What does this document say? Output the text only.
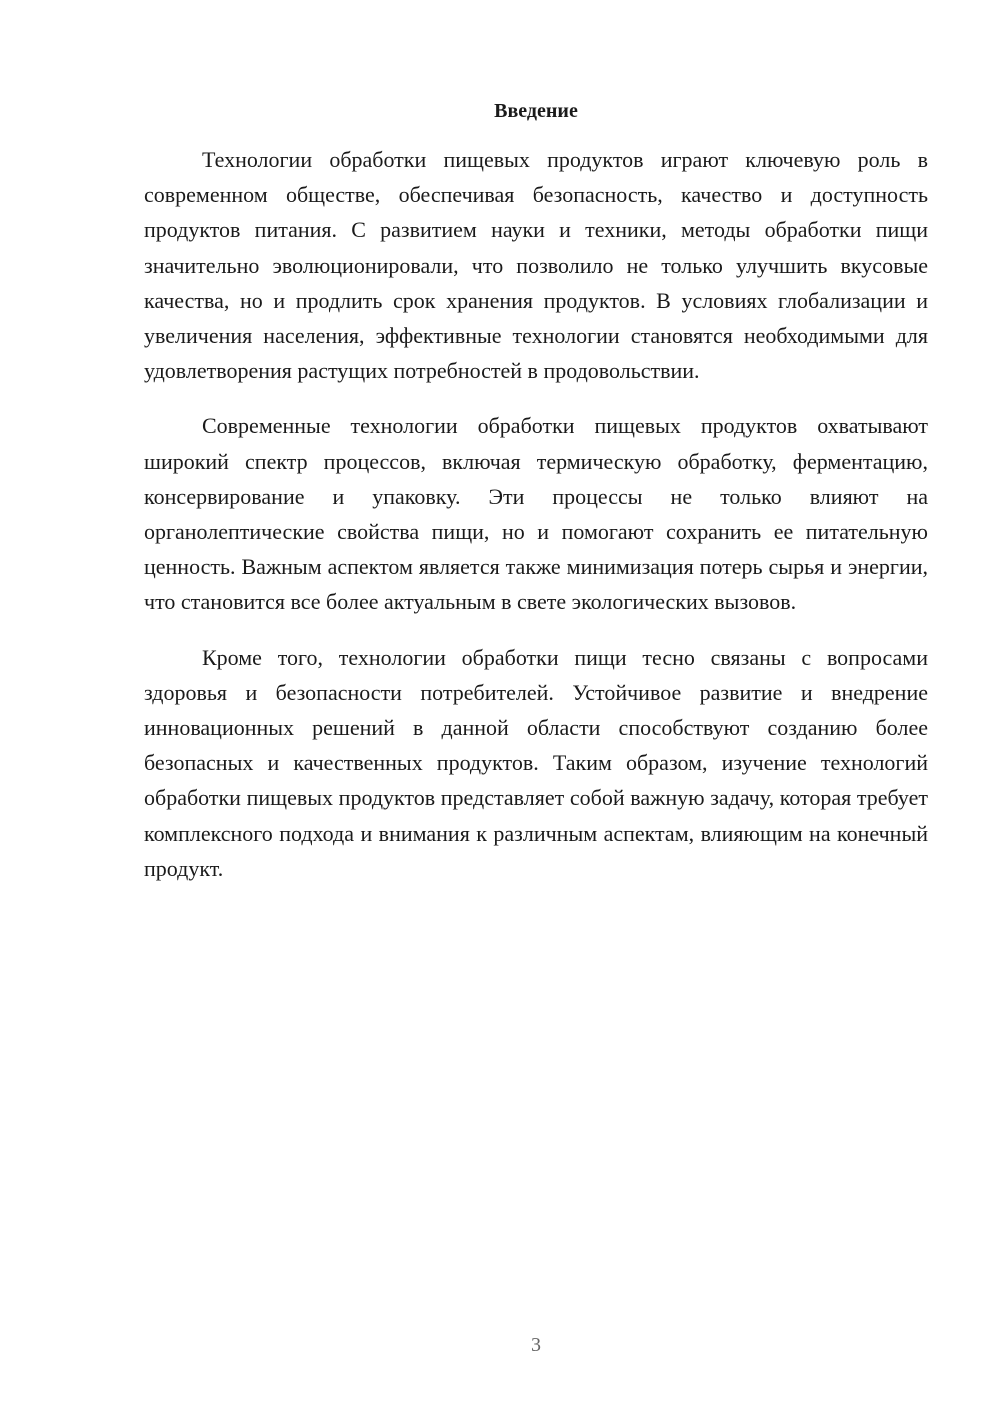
Введение

Технологии обработки пищевых продуктов играют ключевую роль в современном обществе, обеспечивая безопасность, качество и доступность продуктов питания. С развитием науки и техники, методы обработки пищи значительно эволюционировали, что позволило не только улучшить вкусовые качества, но и продлить срок хранения продуктов. В условиях глобализации и увеличения населения, эффективные технологии становятся необходимыми для удовлетворения растущих потребностей в продовольствии.

Современные технологии обработки пищевых продуктов охватывают широкий спектр процессов, включая термическую обработку, ферментацию, консервирование и упаковку. Эти процессы не только влияют на органолептические свойства пищи, но и помогают сохранить ее питательную ценность. Важным аспектом является также минимизация потерь сырья и энергии, что становится все более актуальным в свете экологических вызовов.

Кроме того, технологии обработки пищи тесно связаны с вопросами здоровья и безопасности потребителей. Устойчивое развитие и внедрение инновационных решений в данной области способствуют созданию более безопасных и качественных продуктов. Таким образом, изучение технологий обработки пищевых продуктов представляет собой важную задачу, которая требует комплексного подхода и внимания к различным аспектам, влияющим на конечный продукт.

3
